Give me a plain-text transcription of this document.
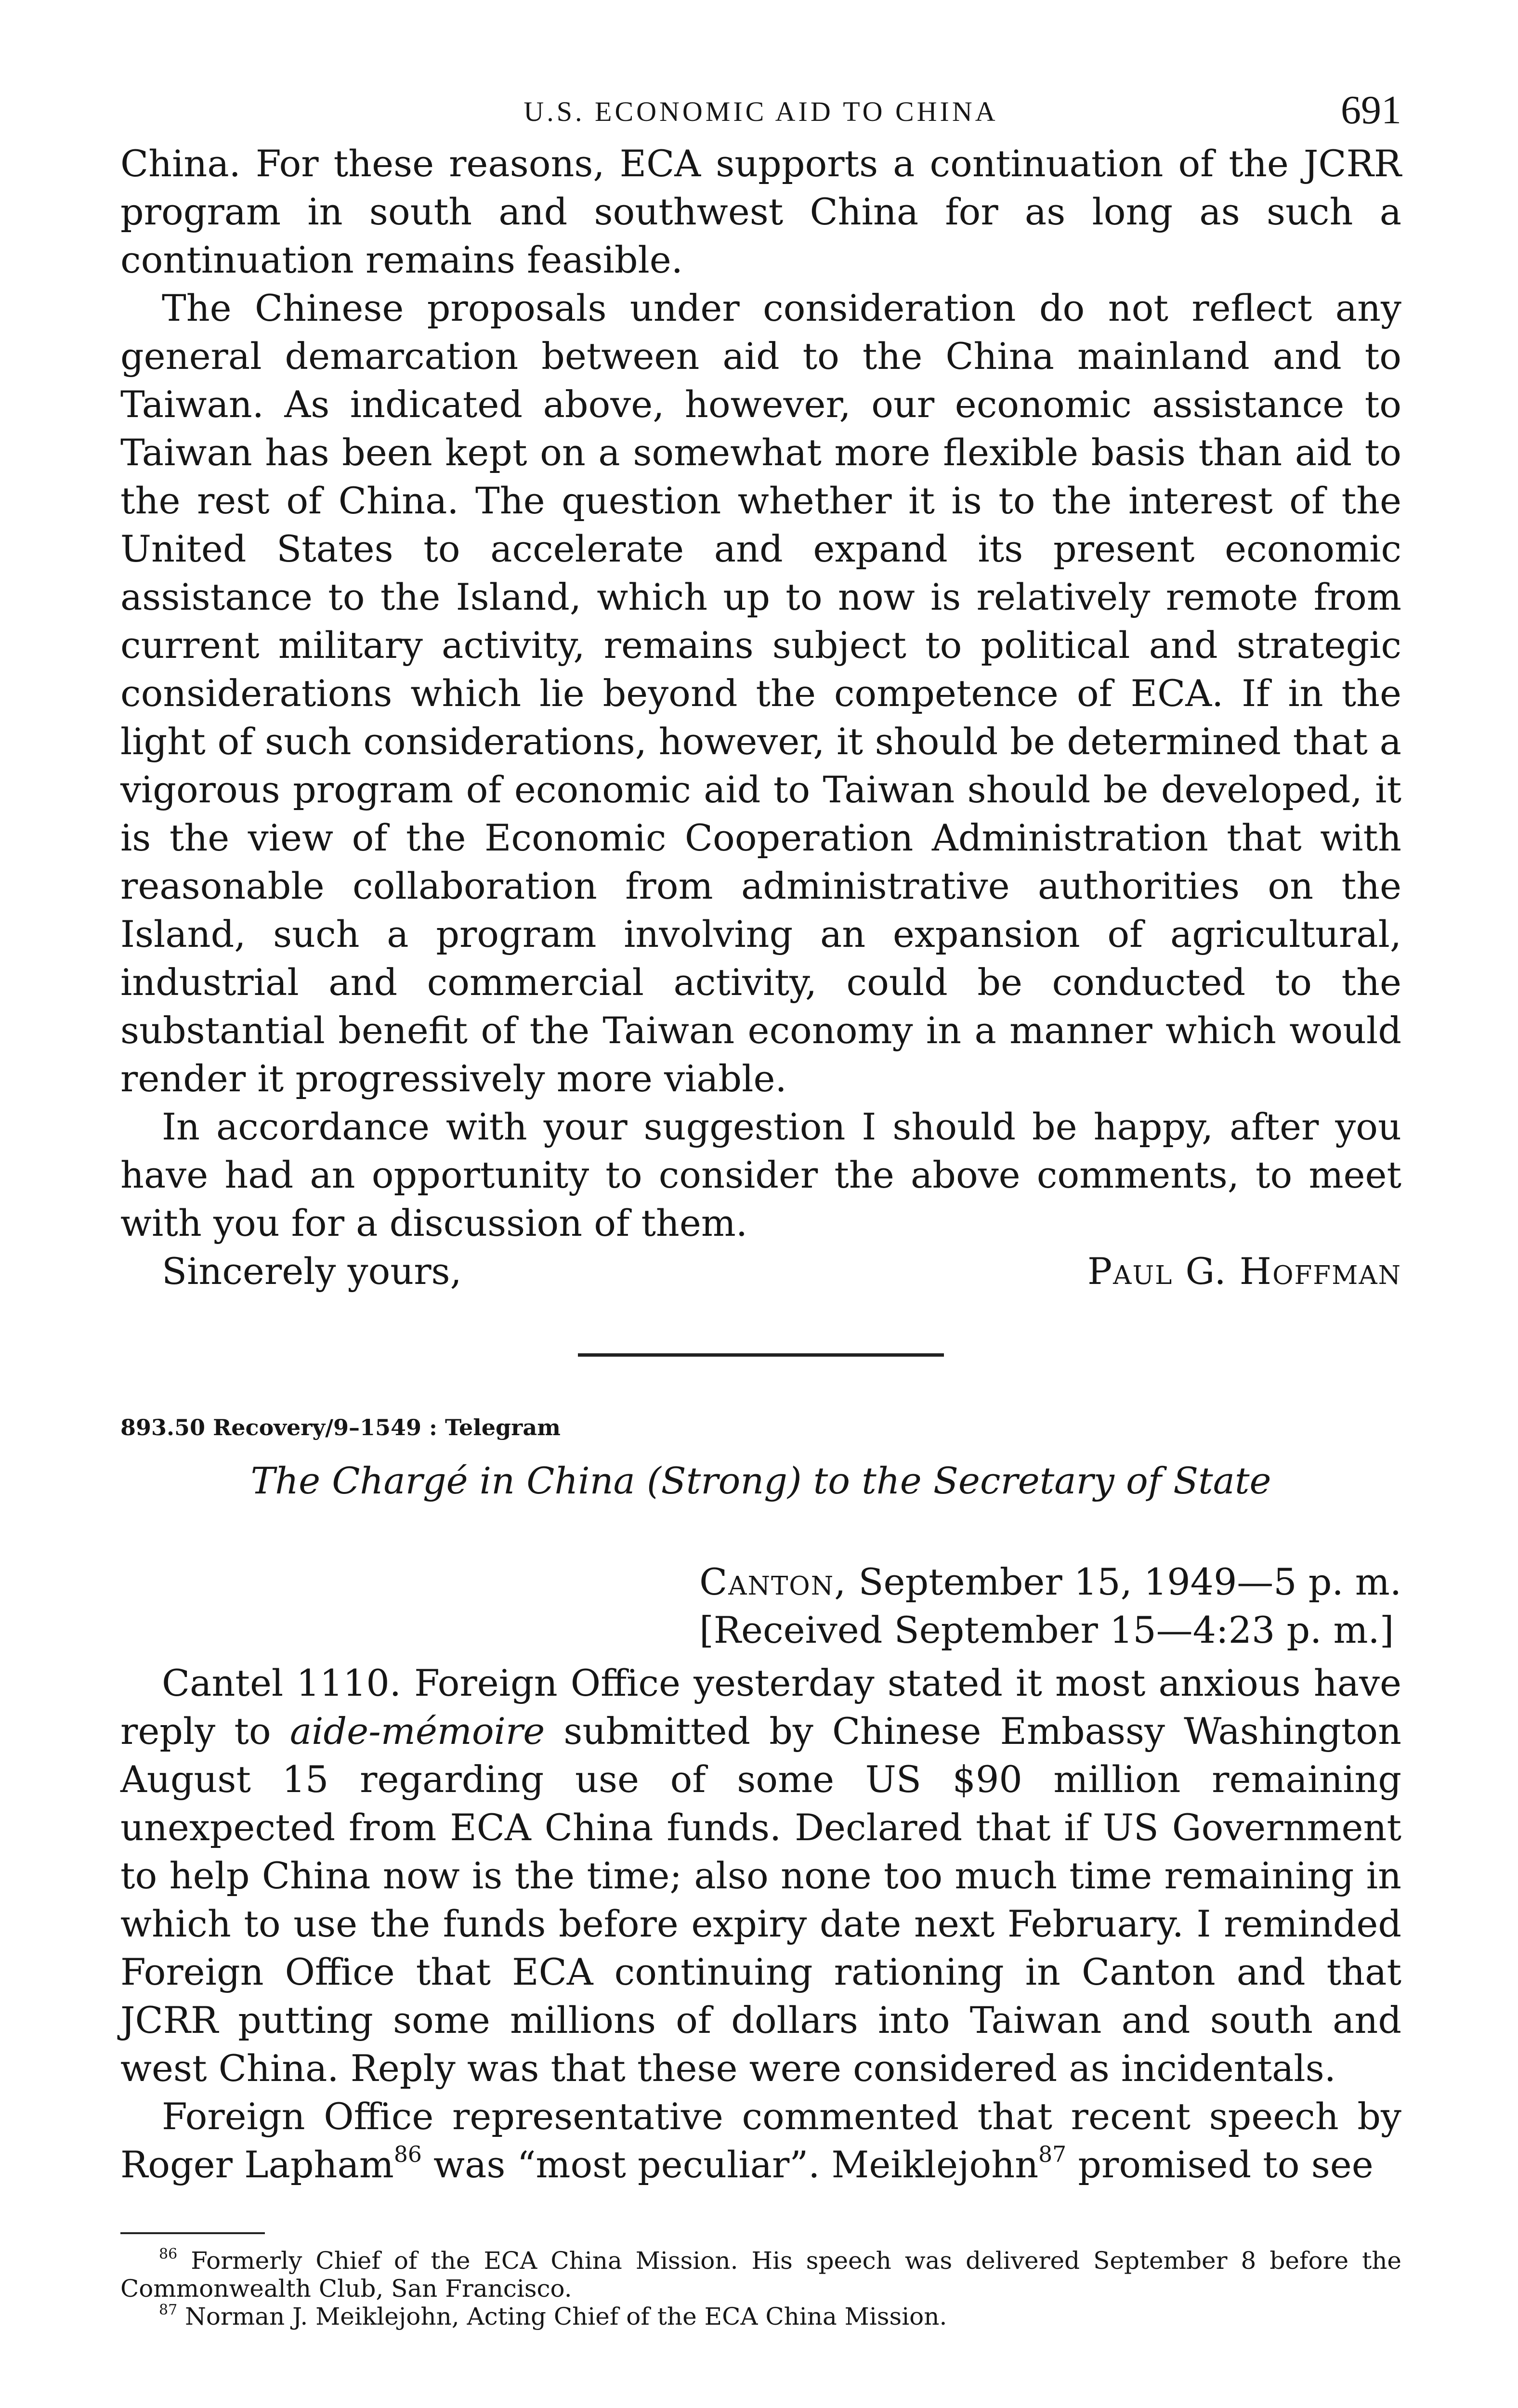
U.S. ECONOMIC AID TO CHINA	691

China. For these reasons, ECA supports a continuation of the JCRR program in south and southwest China for as long as such a continuation remains feasible.

The Chinese proposals under consideration do not reflect any general demarcation between aid to the China mainland and to Taiwan. As indicated above, however, our economic assistance to Taiwan has been kept on a somewhat more flexible basis than aid to the rest of China. The question whether it is to the interest of the United States to accelerate and expand its present economic assistance to the Island, which up to now is relatively remote from current military activity, remains subject to political and strategic considerations which lie beyond the competence of ECA. If in the light of such considerations, however, it should be determined that a vigorous program of economic aid to Taiwan should be developed, it is the view of the Economic Cooperation Administration that with reasonable collaboration from administrative authorities on the Island, such a program involving an expansion of agricultural, industrial and commercial activity, could be conducted to the substantial benefit of the Taiwan economy in a manner which would render it progressively more viable.

In accordance with your suggestion I should be happy, after you have had an opportunity to consider the above comments, to meet with you for a discussion of them.

Sincerely yours,	Paul G. Hoffman
893.50 Recovery/9–1549 : Telegram
The Chargé in China (Strong) to the Secretary of State
Canton, September 15, 1949—5 p. m.
[Received September 15—4:23 p. m.]

Cantel 1110. Foreign Office yesterday stated it most anxious have reply to aide-mémoire submitted by Chinese Embassy Washington August 15 regarding use of some US $90 million remaining unexpected from ECA China funds. Declared that if US Government to help China now is the time; also none too much time remaining in which to use the funds before expiry date next February. I reminded Foreign Office that ECA continuing rationing in Canton and that JCRR putting some millions of dollars into Taiwan and south and west China. Reply was that these were considered as incidentals.

Foreign Office representative commented that recent speech by Roger Lapham$^{86}$ was “most peculiar”. Meiklejohn$^{87}$ promised to see

$^{86}$ Formerly Chief of the ECA China Mission. His speech was delivered September 8 before the Commonwealth Club, San Francisco.

$^{87}$ Norman J. Meiklejohn, Acting Chief of the ECA China Mission.
